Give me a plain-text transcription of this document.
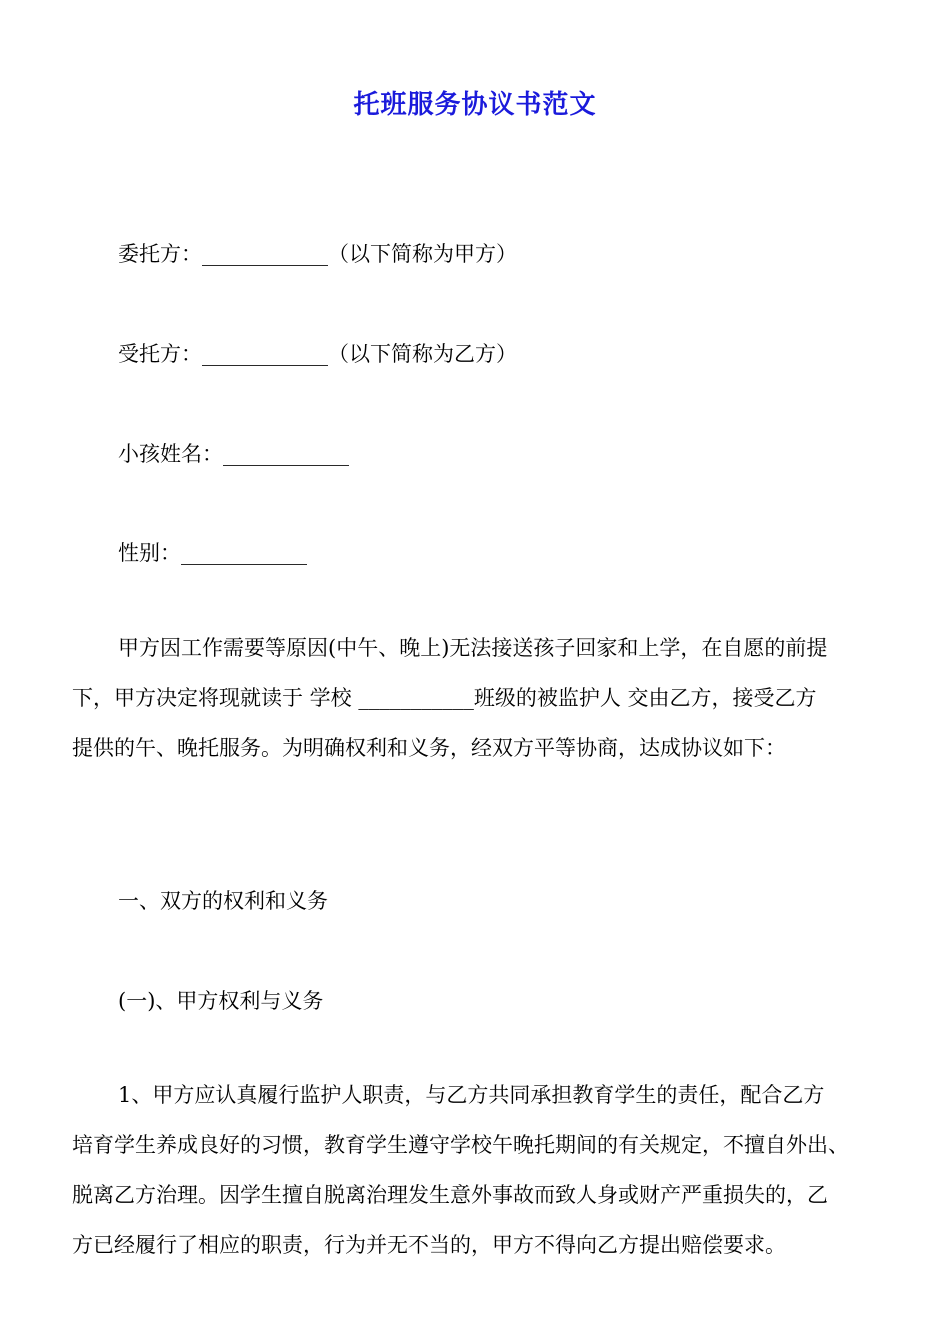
托班服务协议书范文
委托方：____________（以下简称为甲方）
受托方：____________（以下简称为乙方）
小孩姓名：____________
性别：____________
甲方因工作需要等原因(中午、晚上)无法接送孩子回家和上学，在自愿的前提
下，甲方决定将现就读于 学校 ___________班级的被监护人 交由乙方，接受乙方
提供的午、晚托服务。为明确权利和义务，经双方平等协商，达成协议如下：
一、双方的权利和义务
(一)、甲方权利与义务
1、甲方应认真履行监护人职责，与乙方共同承担教育学生的责任，配合乙方
培育学生养成良好的习惯，教育学生遵守学校午晚托期间的有关规定，不擅自外出、
脱离乙方治理。因学生擅自脱离治理发生意外事故而致人身或财产严重损失的，乙
方已经履行了相应的职责，行为并无不当的，甲方不得向乙方提出赔偿要求。
